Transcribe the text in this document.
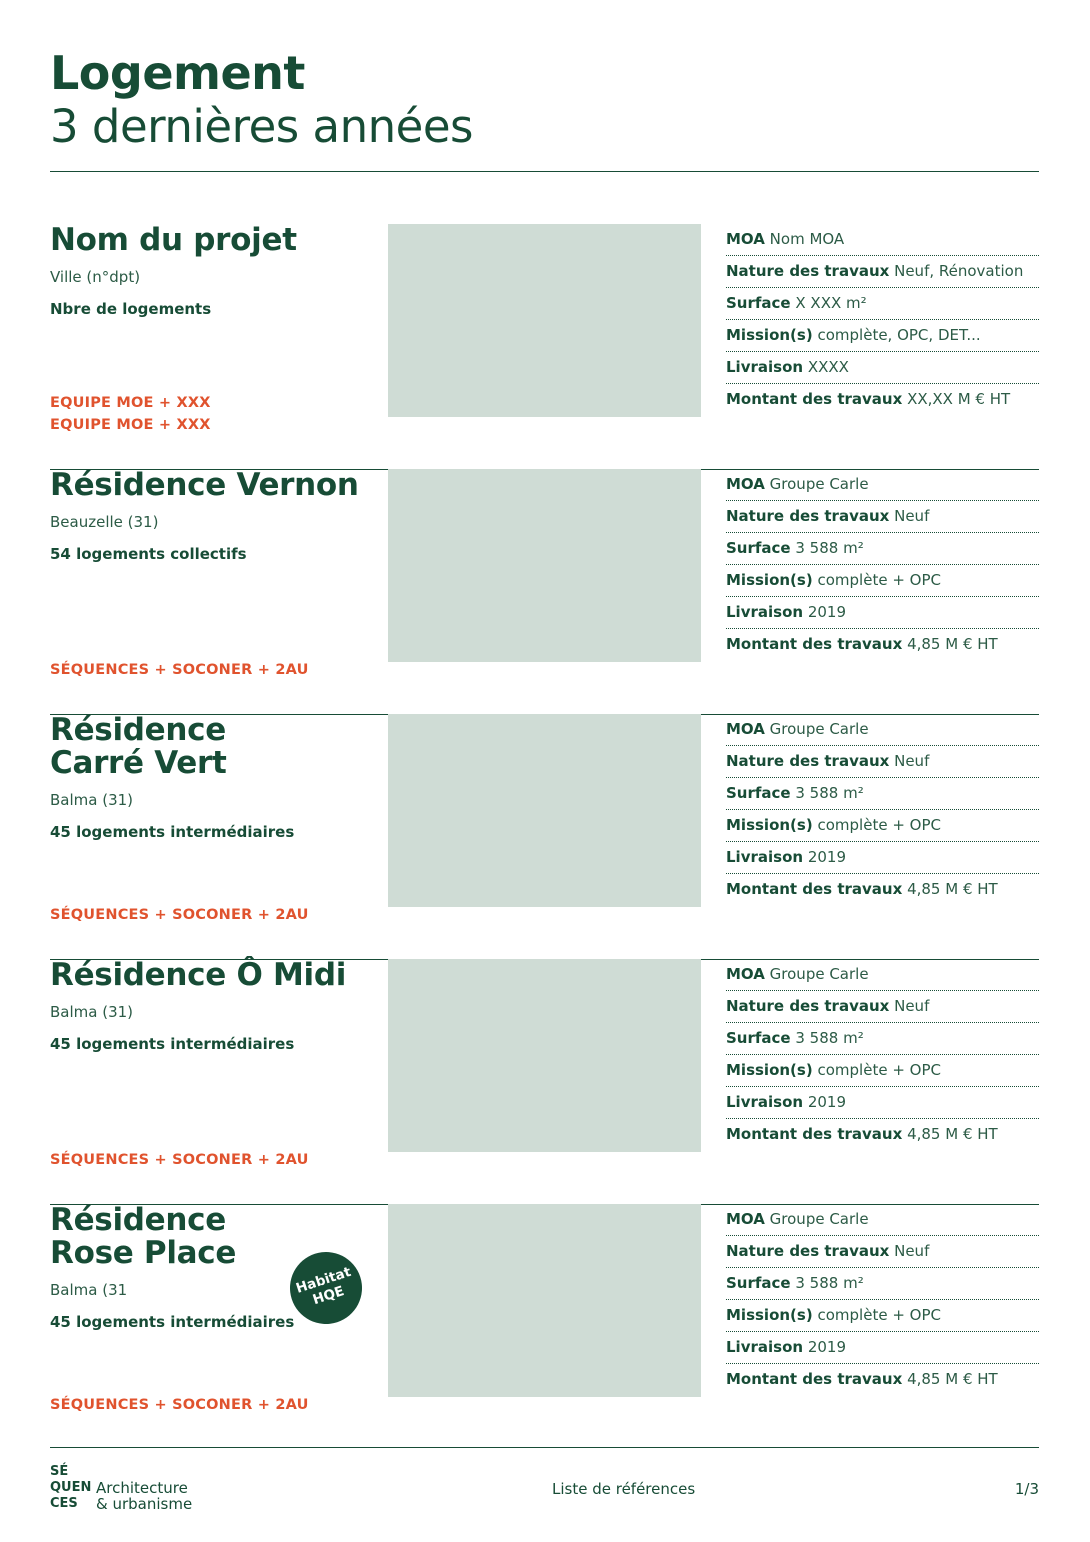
Logement
3 dernières années
Nom du projet
Ville (n°dpt)
Nbre de logements
EQUIPE MOE + XXX
EQUIPE MOE + XXX
MOA Nom MOA
Nature des travaux Neuf, Rénovation
Surface X XXX m²
Mission(s) complète, OPC, DET...
Livraison XXXX
Montant des travaux XX,XX M € HT
Résidence Vernon
Beauzelle (31)
54 logements collectifs
SÉQUENCES + SOCONER + 2AU
MOA Groupe Carle
Nature des travaux Neuf
Surface 3 588 m²
Mission(s) complète + OPC
Livraison 2019
Montant des travaux 4,85 M € HT
Résidence
Carré Vert
Balma (31)
45 logements intermédiaires
SÉQUENCES + SOCONER + 2AU
MOA Groupe Carle
Nature des travaux Neuf
Surface 3 588 m²
Mission(s) complète + OPC
Livraison 2019
Montant des travaux 4,85 M € HT
Résidence Ô Midi
Balma (31)
45 logements intermédiaires
SÉQUENCES + SOCONER + 2AU
MOA Groupe Carle
Nature des travaux Neuf
Surface 3 588 m²
Mission(s) complète + OPC
Livraison 2019
Montant des travaux 4,85 M € HT
Résidence
Rose Place
Balma (31
45 logements intermédiaires
SÉQUENCES + SOCONER + 2AU
Habitat
HQE
MOA Groupe Carle
Nature des travaux Neuf
Surface 3 588 m²
Mission(s) complète + OPC
Livraison 2019
Montant des travaux 4,85 M € HT
SÉ
QUEN
CES
Architecture
& urbanisme
Liste de références	1/3
